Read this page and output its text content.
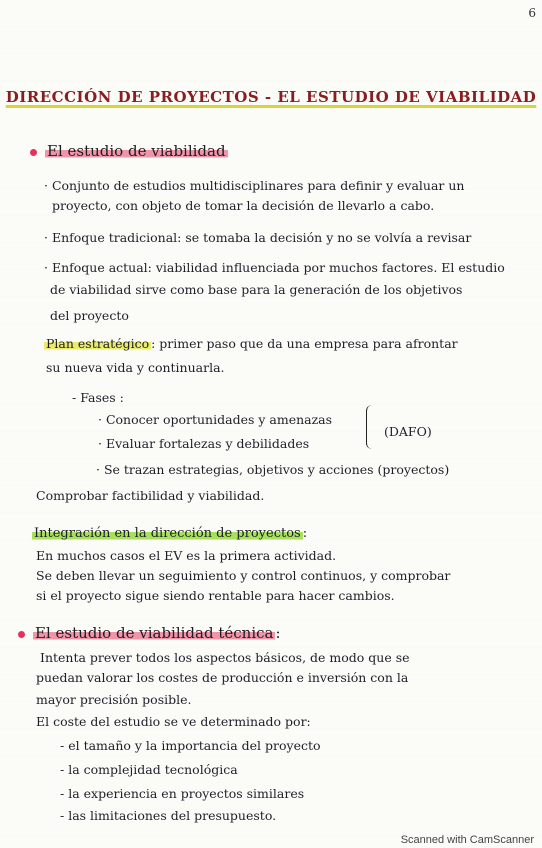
6
DIRECCIÓN DE PROYECTOS - EL ESTUDIO DE VIABILIDAD
El estudio de viabilidad
· Conjunto de estudios multidisciplinares para definir y evaluar un
proyecto, con objeto de tomar la decisión de llevarlo a cabo.
· Enfoque tradicional: se tomaba la decisión y no se volvía a revisar
· Enfoque actual: viabilidad influenciada por muchos factores. El estudio
de viabilidad sirve como base para la generación de los objetivos
del proyecto
Plan estratégico : primer paso que da una empresa para afrontar
su nueva vida y continuarla.
- Fases :
· Conocer oportunidades y amenazas
· Evaluar fortalezas y debilidades
(DAFO)
· Se trazan estrategias, objetivos y acciones (proyectos)
Comprobar factibilidad y viabilidad.
Integración en la dirección de proyectos :
En muchos casos el EV es la primera actividad.
Se deben llevar un seguimiento y control continuos, y comprobar
si el proyecto sigue siendo rentable para hacer cambios.
El estudio de viabilidad técnica :
Intenta prever todos los aspectos básicos, de modo que se
puedan valorar los costes de producción e inversión con la
mayor precisión posible.
El coste del estudio se ve determinado por:
- el tamaño y la importancia del proyecto
- la complejidad tecnológica
- la experiencia en proyectos similares
- las limitaciones del presupuesto.
Scanned with CamScanner
